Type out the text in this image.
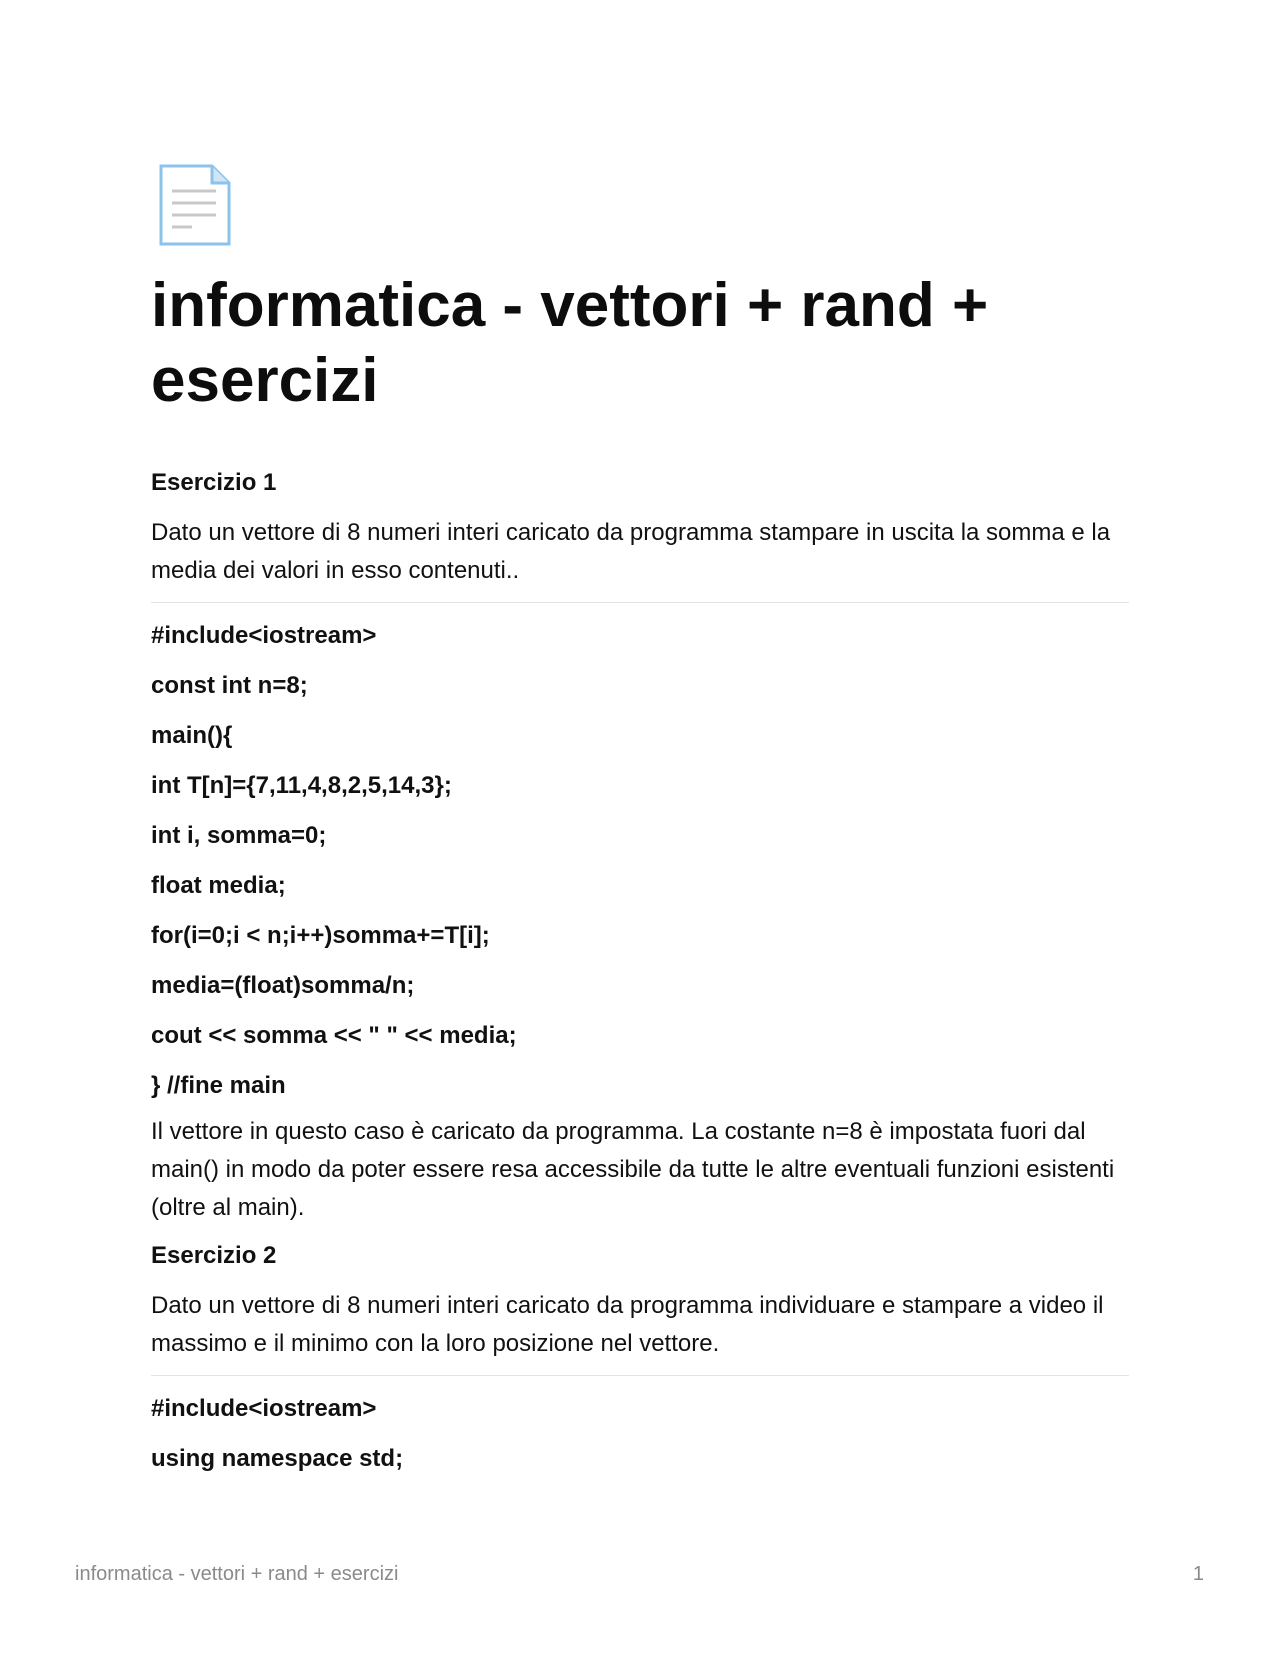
informatica - vettori + rand + esercizi

Esercizio 1

Dato un vettore di 8 numeri interi caricato da programma stampare in uscita la somma e la media dei valori in esso contenuti..

#include<iostream>

const int n=8;

main(){

int T[n]={7,11,4,8,2,5,14,3};

int i, somma=0;

float media;

for(i=0;i < n;i++)somma+=T[i];

media=(float)somma/n;

cout << somma << " " << media;

} //fine main

Il vettore in questo caso è caricato da programma. La costante n=8 è impostata fuori dal main() in modo da poter essere resa accessibile da tutte le altre eventuali funzioni esistenti (oltre al main).

Esercizio 2

Dato un vettore di 8 numeri interi caricato da programma individuare e stampare a video il massimo e il minimo con la loro posizione nel vettore.

#include<iostream>

using namespace std;

informatica - vettori + rand + esercizi	1
